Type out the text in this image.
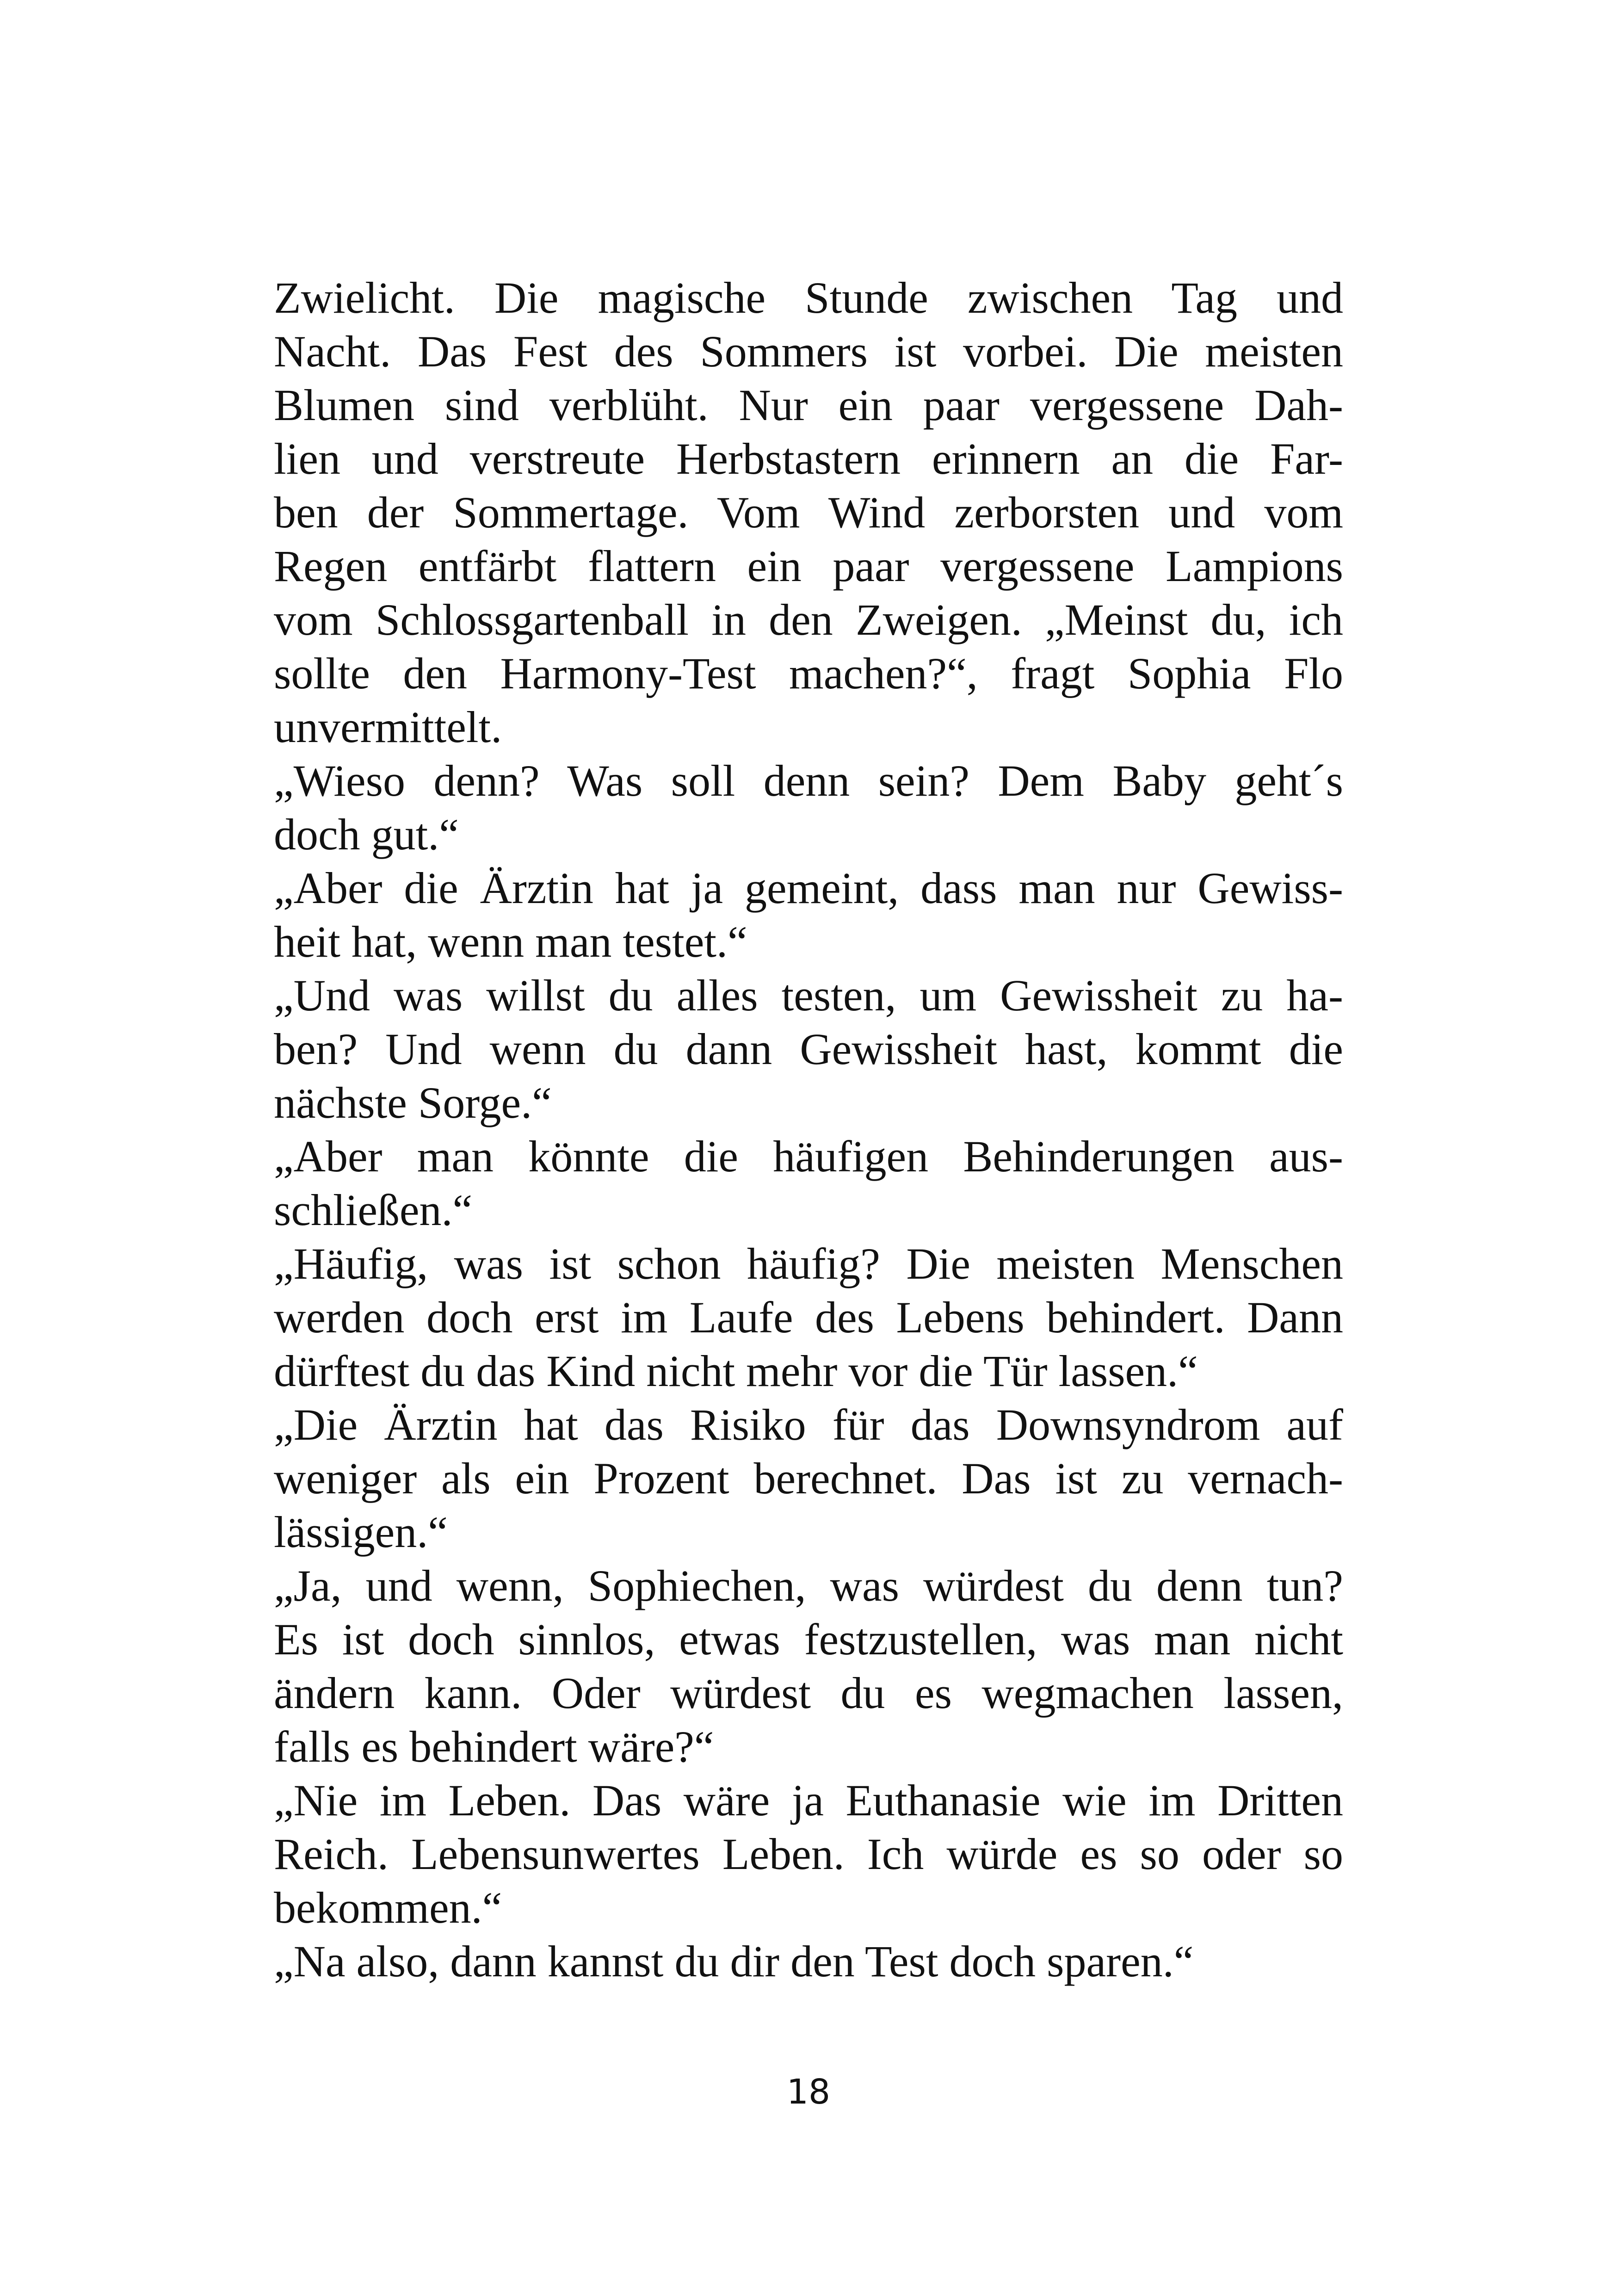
Zwielicht. Die magische Stunde zwischen Tag und
Nacht. Das Fest des Sommers ist vorbei. Die meisten
Blumen sind verblüht. Nur ein paar vergessene Dah-
lien und verstreute Herbstastern erinnern an die Far-
ben der Sommertage. Vom Wind zerborsten und vom
Regen entfärbt flattern ein paar vergessene Lampions
vom Schlossgartenball in den Zweigen. „Meinst du, ich
sollte den Harmony-Test machen?“, fragt Sophia Flo
unvermittelt.
„Wieso denn? Was soll denn sein? Dem Baby geht´s
doch gut.“
„Aber die Ärztin hat ja gemeint, dass man nur Gewiss-
heit hat, wenn man testet.“
„Und was willst du alles testen, um Gewissheit zu ha-
ben? Und wenn du dann Gewissheit hast, kommt die
nächste Sorge.“
„Aber man könnte die häufigen Behinderungen aus-
schließen.“
„Häufig, was ist schon häufig? Die meisten Menschen
werden doch erst im Laufe des Lebens behindert. Dann
dürftest du das Kind nicht mehr vor die Tür lassen.“
„Die Ärztin hat das Risiko für das Downsyndrom auf
weniger als ein Prozent berechnet. Das ist zu vernach-
lässigen.“
„Ja, und wenn, Sophiechen, was würdest du denn tun?
Es ist doch sinnlos, etwas festzustellen, was man nicht
ändern kann. Oder würdest du es wegmachen lassen,
falls es behindert wäre?“
„Nie im Leben. Das wäre ja Euthanasie wie im Dritten
Reich. Lebensunwertes Leben. Ich würde es so oder so
bekommen.“
„Na also, dann kannst du dir den Test doch sparen.“
18
